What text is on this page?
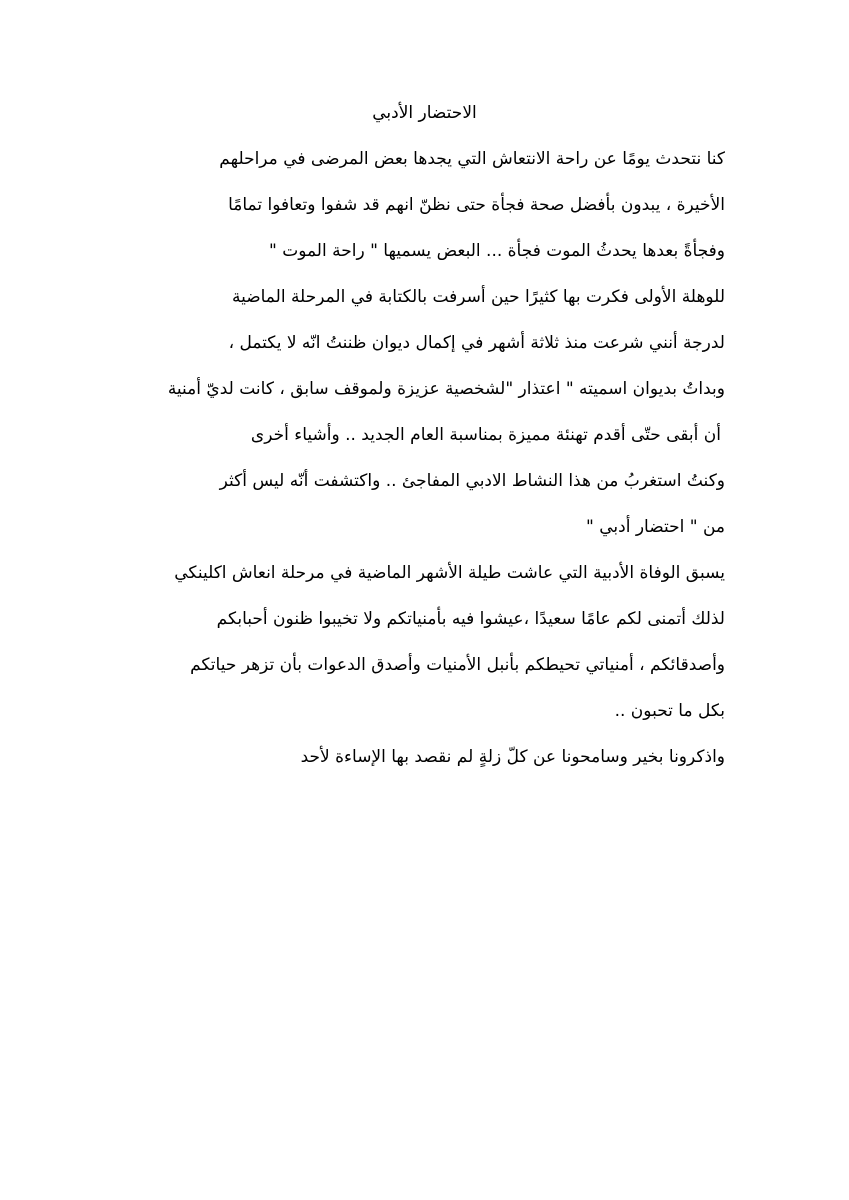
الاحتضار الأدبي
كنا نتحدث يومًا عن راحة الانتعاش التي يجدها بعض المرضى في مراحلهم
الأخيرة ، يبدون بأفضل صحة فجأة حتى نظنّ انهم قد شفوا وتعافوا تمامًا
وفجأةً بعدها يحدثُ الموت فجأة ... البعض يسميها " راحة الموت "
للوهلة الأولى فكرت بها كثيرًا حين أسرفت بالكتابة في المرحلة الماضية
لدرجة أنني شرعت منذ ثلاثة أشهر في إكمال ديوان ظننتُ انّه لا يكتمل ،
وبداتُ بديوان اسميته " اعتذار "لشخصية عزيزة ولموقف سابق ، كانت لديّ أمنية
أن أبقى حتّى أقدم تهنئة مميزة بمناسبة العام الجديد .. وأشياء أخرى
وكنتُ استغربُ من هذا النشاط الادبي المفاجئ .. واكتشفت أنّه ليس أكثر
من " احتضار أدبي "
يسبق الوفاة الأدبية التي عاشت طيلة الأشهر الماضية في مرحلة انعاش اكلينكي
لذلك أتمنى لكم عامًا سعيدًا ،عيشوا فيه بأمنياتكم ولا تخيبوا ظنون أحبابكم
وأصدقائكم ، أمنياتي تحيطكم بأنبل الأمنيات وأصدق الدعوات بأن تزهر حياتكم
بكل ما تحبون ..
واذكرونا بخير وسامحونا عن كلّ زلةٍ لم نقصد بها الإساءة لأحد
